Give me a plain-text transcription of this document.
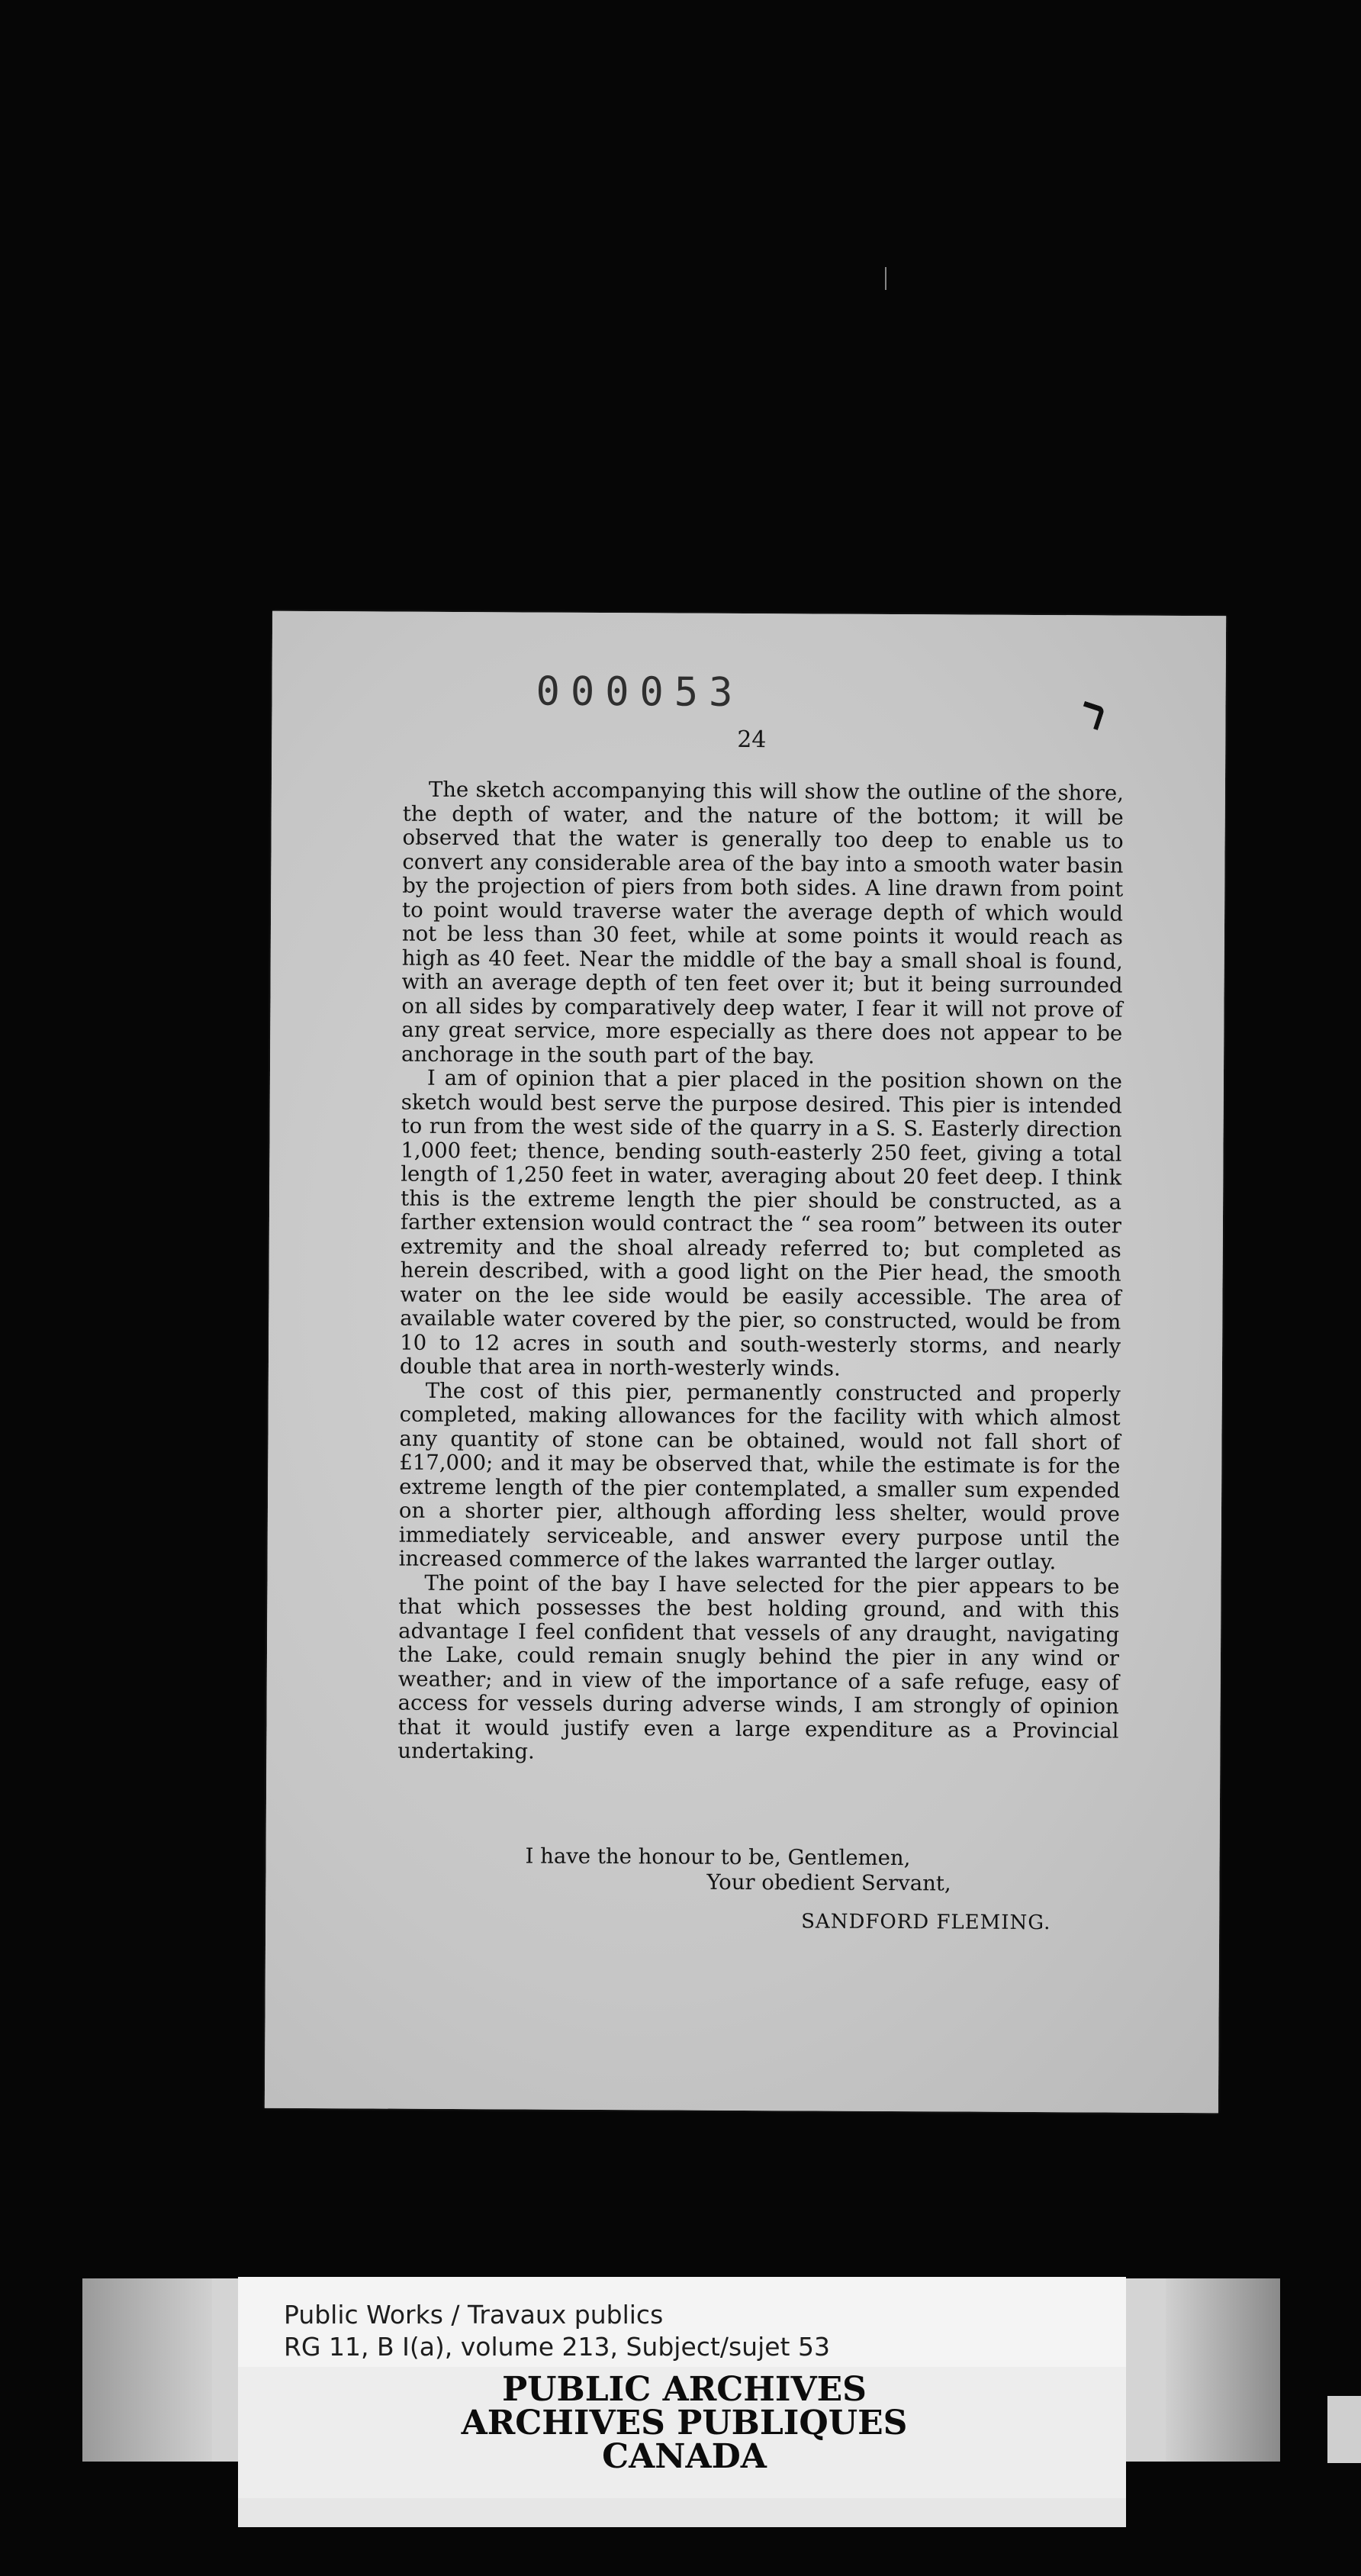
000053
24

The sketch accompanying this will show the outline of the shore, the depth of water, and the nature of the bottom; it will be observed that the water is generally too deep to enable us to convert any considerable area of the bay into a smooth water basin by the projection of piers from both sides. A line drawn from point to point would traverse water the average depth of which would not be less than 30 feet, while at some points it would reach as high as 40 feet. Near the middle of the bay a small shoal is found, with an average depth of ten feet over it; but it being surrounded on all sides by comparatively deep water, I fear it will not prove of any great service, more especially as there does not appear to be anchorage in the south part of the bay.

I am of opinion that a pier placed in the position shown on the sketch would best serve the purpose desired. This pier is intended to run from the west side of the quarry in a S. S. Easterly direction 1,000 feet; thence, bending south-easterly 250 feet, giving a total length of 1,250 feet in water, averaging about 20 feet deep. I think this is the extreme length the pier should be constructed, as a farther extension would contract the “ sea room” between its outer extremity and the shoal already referred to; but completed as herein described, with a good light on the Pier head, the smooth water on the lee side would be easily accessible. The area of available water covered by the pier, so constructed, would be from 10 to 12 acres in south and south-westerly storms, and nearly double that area in north-westerly winds.

The cost of this pier, permanently constructed and properly completed, making allowances for the facility with which almost any quantity of stone can be obtained, would not fall short of £17,000; and it may be observed that, while the estimate is for the extreme length of the pier contemplated, a smaller sum expended on a shorter pier, although affording less shelter, would prove immediately serviceable, and answer every purpose until the increased commerce of the lakes warranted the larger outlay.

The point of the bay I have selected for the pier appears to be that which possesses the best holding ground, and with this advantage I feel confident that vessels of any draught, navigating the Lake, could remain snugly behind the pier in any wind or weather; and in view of the importance of a safe refuge, easy of access for vessels during adverse winds, I am strongly of opinion that it would justify even a large expenditure as a Provincial undertaking.

I have the honour to be, Gentlemen,
Your obedient Servant,
SANDFORD FLEMING.
Public Works / Travaux publics
RG 11, B I(a), volume 213, Subject/sujet 53
PUBLIC ARCHIVES
ARCHIVES PUBLIQUES
CANADA
